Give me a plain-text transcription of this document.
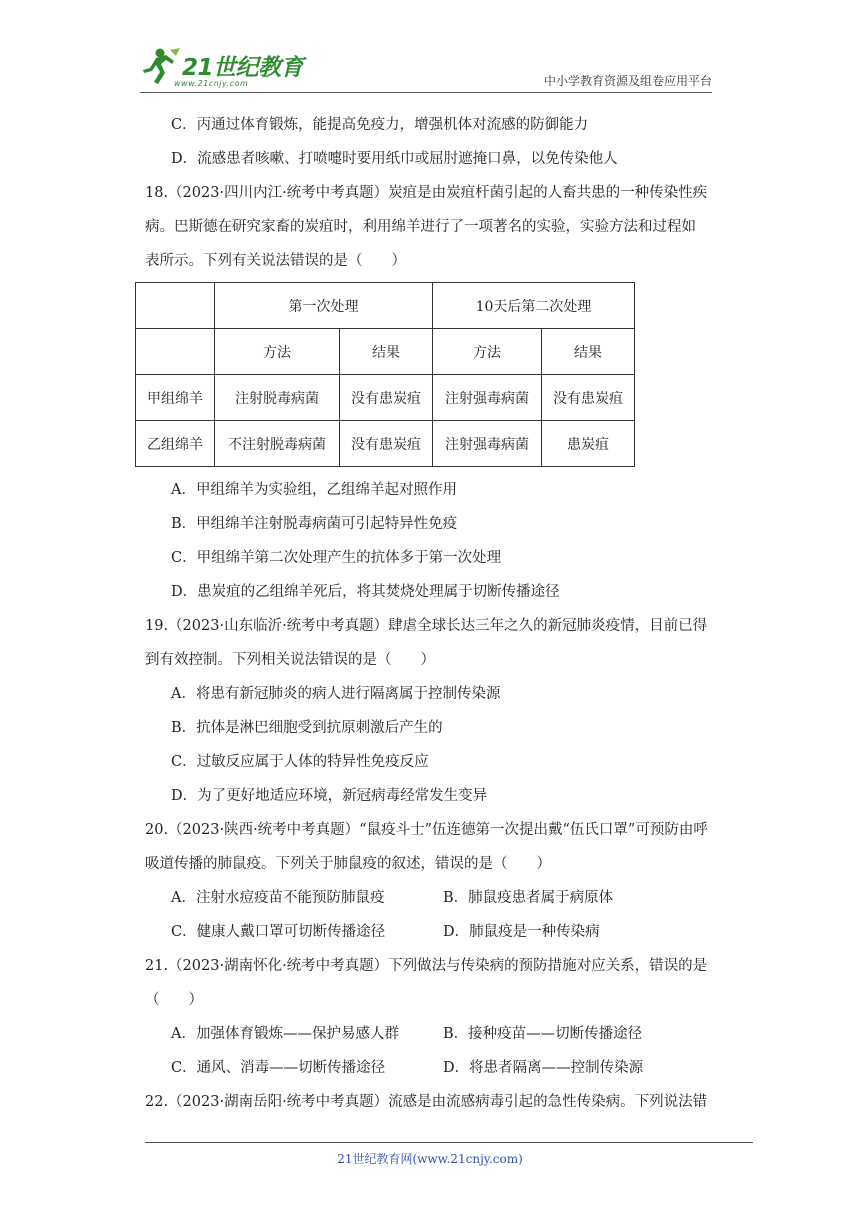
21世纪教育
www.21cnjy.com	中小学教育资源及组卷应用平台
C．丙通过体育锻炼，能提高免疫力，增强机体对流感的防御能力
D．流感患者咳嗽、打喷嚏时要用纸巾或屈肘遮掩口鼻，以免传染他人
18.（2023·四川内江·统考中考真题）炭疽是由炭疽杆菌引起的人畜共患的一种传染性疾
病。巴斯德在研究家畜的炭疽时，利用绵羊进行了一项著名的实验，实验方法和过程如
表所示。下列有关说法错误的是（　　）
	第一次处理		10天后第二次处理	
	方法	结果	方法	结果
甲组绵羊	注射脱毒病菌	没有患炭疽	注射强毒病菌	没有患炭疽
乙组绵羊	不注射脱毒病菌	没有患炭疽	注射强毒病菌	患炭疽
A．甲组绵羊为实验组，乙组绵羊起对照作用
B．甲组绵羊注射脱毒病菌可引起特异性免疫
C．甲组绵羊第二次处理产生的抗体多于第一次处理
D．患炭疽的乙组绵羊死后，将其焚烧处理属于切断传播途径
19.（2023·山东临沂·统考中考真题）肆虐全球长达三年之久的新冠肺炎疫情，目前已得
到有效控制。下列相关说法错误的是（　　）
A．将患有新冠肺炎的病人进行隔离属于控制传染源
B．抗体是淋巴细胞受到抗原刺激后产生的
C．过敏反应属于人体的特异性免疫反应
D．为了更好地适应环境，新冠病毒经常发生变异
20.（2023·陕西·统考中考真题）“鼠疫斗士”伍连德第一次提出戴“伍氏口罩”可预防由呼
吸道传播的肺鼠疫。下列关于肺鼠疫的叙述，错误的是（　　）
A．注射水痘疫苗不能预防肺鼠疫	B．肺鼠疫患者属于病原体
C．健康人戴口罩可切断传播途径	D．肺鼠疫是一种传染病
21.（2023·湖南怀化·统考中考真题）下列做法与传染病的预防措施对应关系，错误的是
（　　）
A．加强体育锻炼——保护易感人群	B．接种疫苗——切断传播途径
C．通风、消毒——切断传播途径	D．将患者隔离——控制传染源
22.（2023·湖南岳阳·统考中考真题）流感是由流感病毒引起的急性传染病。下列说法错
21世纪教育网(www.21cnjy.com)
